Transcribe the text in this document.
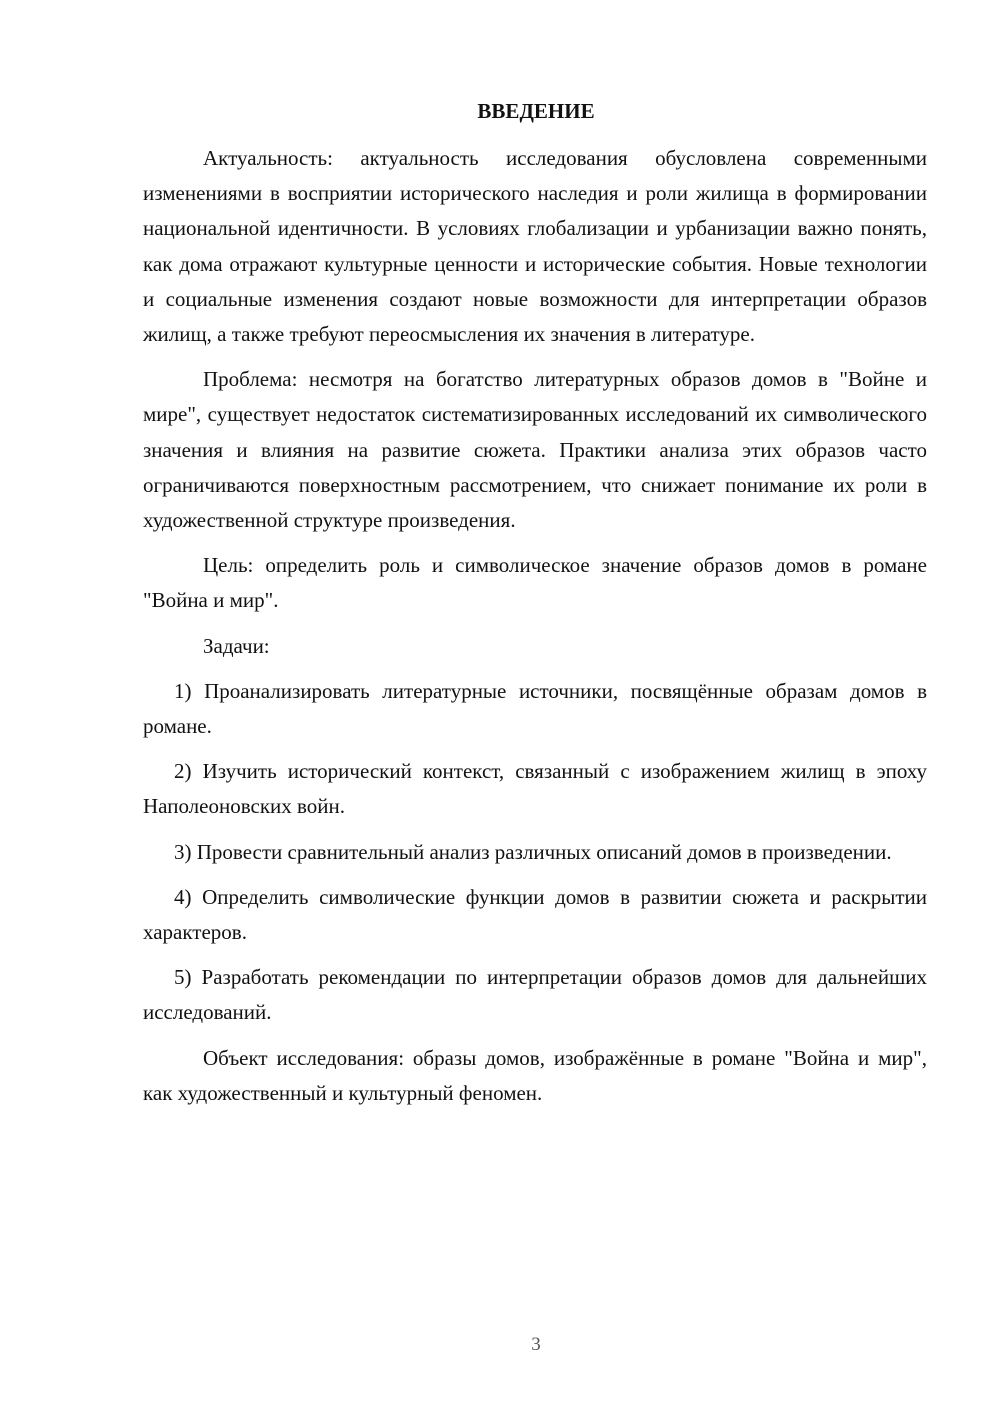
ВВЕДЕНИЕ

Актуальность: актуальность исследования обусловлена современными изменениями в восприятии исторического наследия и роли жилища в формировании национальной идентичности. В условиях глобализации и урбанизации важно понять, как дома отражают культурные ценности и исторические события. Новые технологии и социальные изменения создают новые возможности для интерпретации образов жилищ, а также требуют переосмысления их значения в литературе.

Проблема: несмотря на богатство литературных образов домов в "Войне и мире", существует недостаток систематизированных исследований их символического значения и влияния на развитие сюжета. Практики анализа этих образов часто ограничиваются поверхностным рассмотрением, что снижает понимание их роли в художественной структуре произведения.

Цель: определить роль и символическое значение образов домов в романе "Война и мир".

Задачи:

1) Проанализировать литературные источники, посвящённые образам домов в романе.

2) Изучить исторический контекст, связанный с изображением жилищ в эпоху Наполеоновских войн.

3) Провести сравнительный анализ различных описаний домов в произведении.

4) Определить символические функции домов в развитии сюжета и раскрытии характеров.

5) Разработать рекомендации по интерпретации образов домов для дальнейших исследований.

Объект исследования: образы домов, изображённые в романе "Война и мир", как художественный и культурный феномен.

3
